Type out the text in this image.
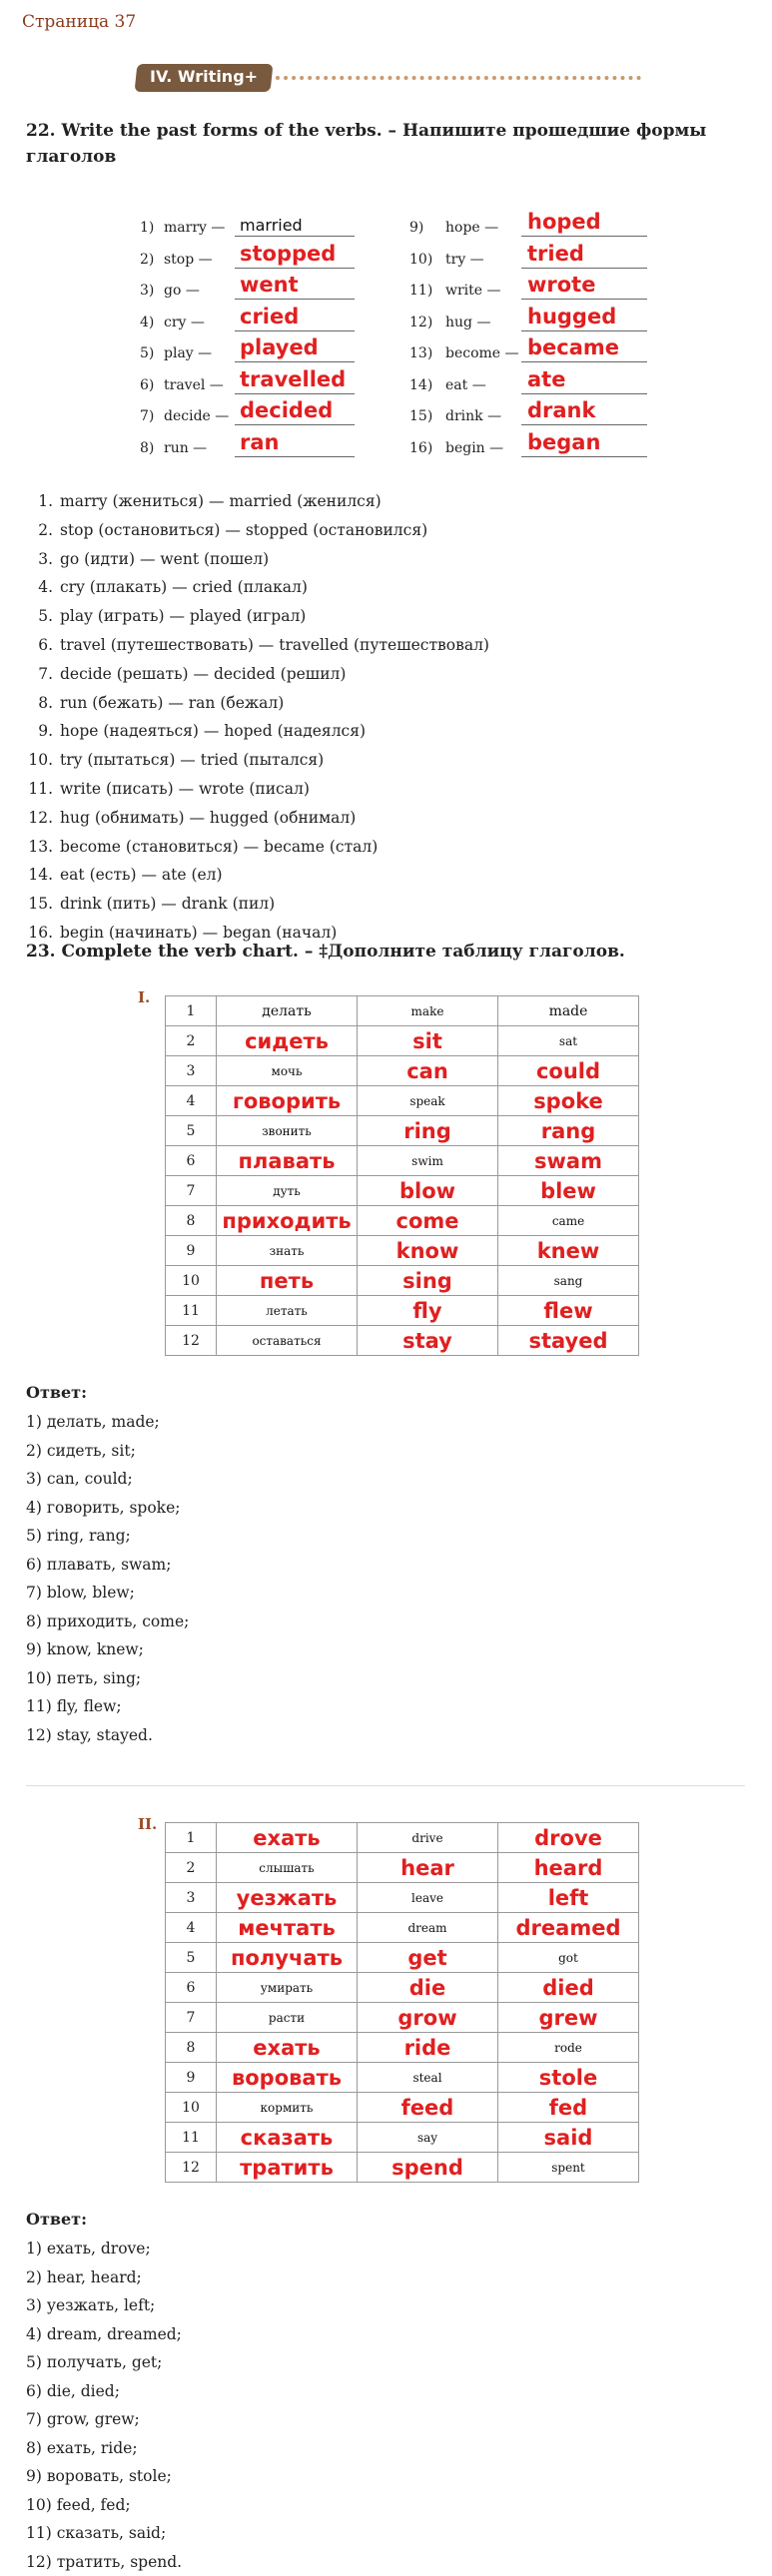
Страница 37
IV. Writing+
22. Write the past forms of the verbs. – Напишите прошедшие формы глаголов
1) marry — married
2) stop — stopped
3) go — went
4) cry — cried
5) play — played
6) travel — travelled
7) decide — decided
8) run — ran
9) hope — hoped
10) try — tried
11) write — wrote
12) hug — hugged
13) become — became
14) eat — ate
15) drink — drank
16) begin — began
1. marry (жениться) — married (женился)
2. stop (остановиться) — stopped (остановился)
3. go (идти) — went (пошел)
4. cry (плакать) — cried (плакал)
5. play (играть) — played (играл)
6. travel (путешествовать) — travelled (путешествовал)
7. decide (решать) — decided (решил)
8. run (бежать) — ran (бежал)
9. hope (надеяться) — hoped (надеялся)
10. try (пытаться) — tried (пытался)
11. write (писать) — wrote (писал)
12. hug (обнимать) — hugged (обнимал)
13. become (становиться) — became (стал)
14. eat (есть) — ate (ел)
15. drink (пить) — drank (пил)
16. begin (начинать) — began (начал)
23. Complete the verb chart. – ‡Дополните таблицу глаголов.
I.
1	делать	make	made
2	сидеть	sit	sat
3	мочь	can	could
4	говорить	speak	spoke
5	звонить	ring	rang
6	плавать	swim	swam
7	дуть	blow	blew
8	приходить	come	came
9	знать	know	knew
10	петь	sing	sang
11	летать	fly	flew
12	оставаться	stay	stayed
Ответ:
1) делать, made;
2) сидеть, sit;
3) can, could;
4) говорить, spoke;
5) ring, rang;
6) плавать, swam;
7) blow, blew;
8) приходить, come;
9) know, knew;
10) петь, sing;
11) fly, flew;
12) stay, stayed.
II.
1	ехать	drive	drove
2	слышать	hear	heard
3	уезжать	leave	left
4	мечтать	dream	dreamed
5	получать	get	got
6	умирать	die	died
7	расти	grow	grew
8	ехать	ride	rode
9	воровать	steal	stole
10	кормить	feed	fed
11	сказать	say	said
12	тратить	spend	spent
Ответ:
1) ехать, drove;
2) hear, heard;
3) уезжать, left;
4) dream, dreamed;
5) получать, get;
6) die, died;
7) grow, grew;
8) ехать, ride;
9) воровать, stole;
10) feed, fed;
11) сказать, said;
12) тратить, spend.
